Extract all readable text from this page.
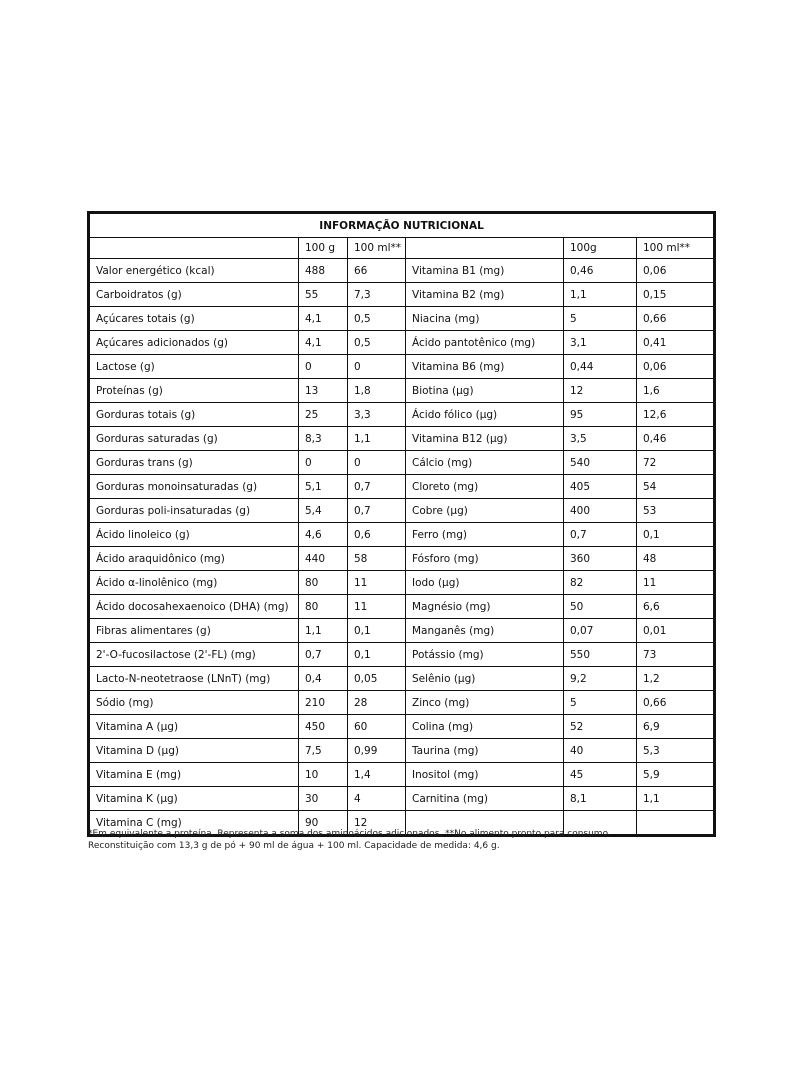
INFORMAÇÃO NUTRICIONAL					
	100 g	100 ml**		100g	100 ml**
Valor energético (kcal)	488	66	Vitamina B1 (mg)	0,46	0,06
Carboidratos (g)	55	7,3	Vitamina B2 (mg)	1,1	0,15
Açúcares totais (g)	4,1	0,5	Niacina (mg)	5	0,66
Açúcares adicionados (g)	4,1	0,5	Ácido pantotênico (mg)	3,1	0,41
Lactose (g)	0	0	Vitamina B6 (mg)	0,44	0,06
Proteínas (g)	13	1,8	Biotina (µg)	12	1,6
Gorduras totais (g)	25	3,3	Ácido fólico (µg)	95	12,6
Gorduras saturadas (g)	8,3	1,1	Vitamina B12 (µg)	3,5	0,46
Gorduras trans (g)	0	0	Cálcio (mg)	540	72
Gorduras monoinsaturadas (g)	5,1	0,7	Cloreto (mg)	405	54
Gorduras poli-insaturadas (g)	5,4	0,7	Cobre (µg)	400	53
Ácido linoleico (g)	4,6	0,6	Ferro (mg)	0,7	0,1
Ácido araquidônico (mg)	440	58	Fósforo (mg)	360	48
Ácido α-linolênico (mg)	80	11	Iodo (µg)	82	11
Ácido docosahexaenoico (DHA) (mg)	80	11	Magnésio (mg)	50	6,6
Fibras alimentares (g)	1,1	0,1	Manganês (mg)	0,07	0,01
2'-O-fucosilactose (2'-FL) (mg)	0,7	0,1	Potássio (mg)	550	73
Lacto-N-neotetraose (LNnT) (mg)	0,4	0,05	Selênio (µg)	9,2	1,2
Sódio (mg)	210	28	Zinco (mg)	5	0,66
Vitamina A (µg)	450	60	Colina (mg)	52	6,9
Vitamina D (µg)	7,5	0,99	Taurina (mg)	40	5,3
Vitamina E (mg)	10	1,4	Inositol (mg)	45	5,9
Vitamina K (µg)	30	4	Carnitina (mg)	8,1	1,1
Vitamina C (mg)	90	12			
*Em equivalente a proteína. Representa a soma dos aminoácidos adicionados. **No alimento pronto para consumo.
Reconstituição com 13,3 g de pó + 90 ml de água + 100 ml. Capacidade de medida: 4,6 g.
